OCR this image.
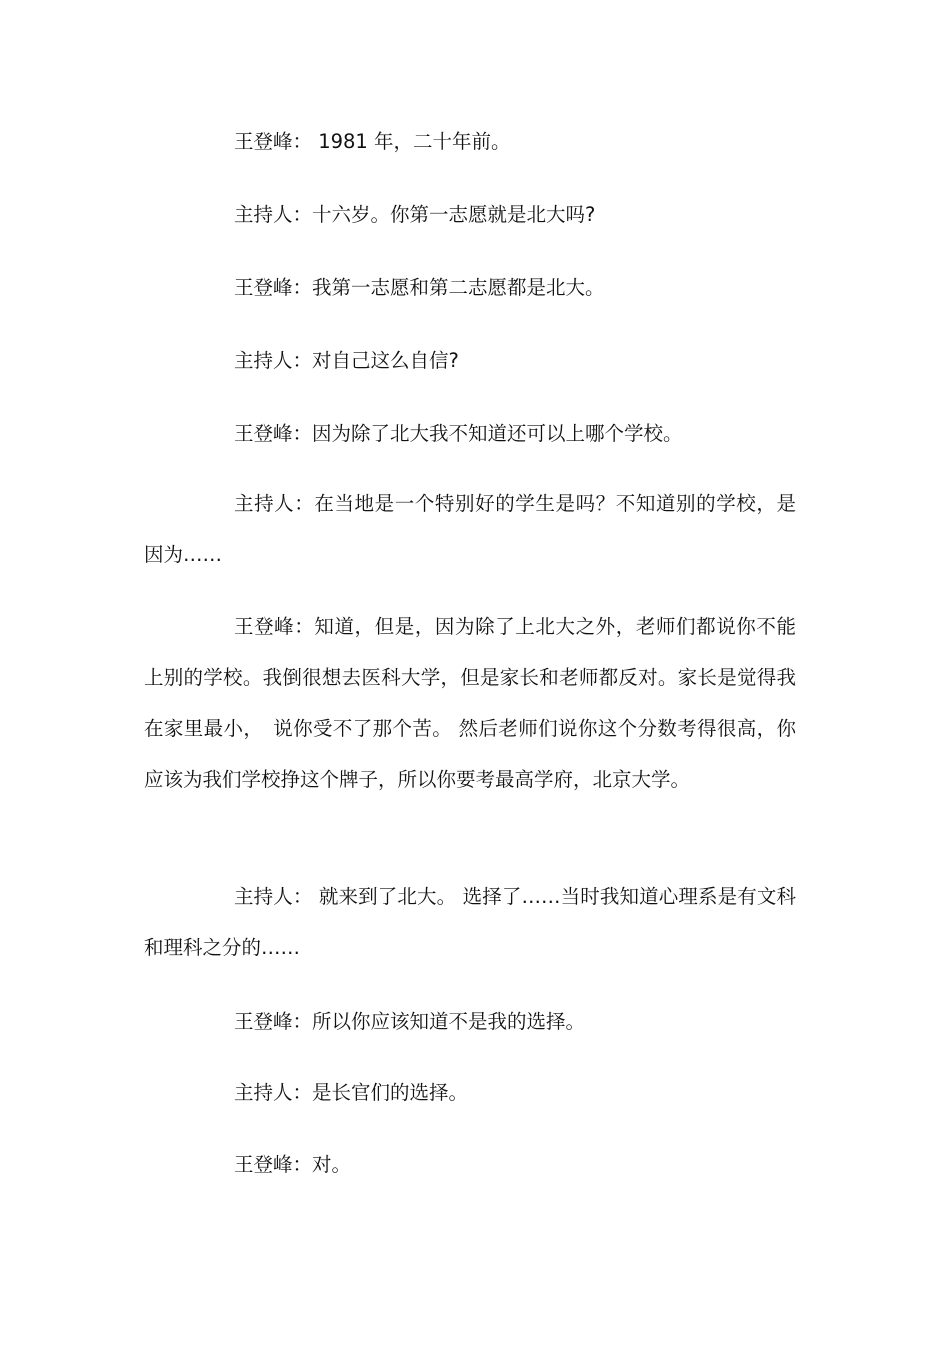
王登峰： 1981 年，二十年前。

主持人：十六岁。你第一志愿就是北大吗?

王登峰：我第一志愿和第二志愿都是北大。

主持人：对自己这么自信?

王登峰：因为除了北大我不知道还可以上哪个学校。

主持人：在当地是一个特别好的学生是吗？不知道别的学校，是因为……

王登峰：知道，但是，因为除了上北大之外，老师们都说你不能上别的学校。我倒很想去医科大学，但是家长和老师都反对。家长是觉得我在家里最小，　说你受不了那个苦。 然后老师们说你这个分数考得很高，你应该为我们学校挣这个牌子，所以你要考最高学府，北京大学。

主持人： 就来到了北大。 选择了……当时我知道心理系是有文科和理科之分的……

王登峰：所以你应该知道不是我的选择。

主持人：是长官们的选择。

王登峰：对。
